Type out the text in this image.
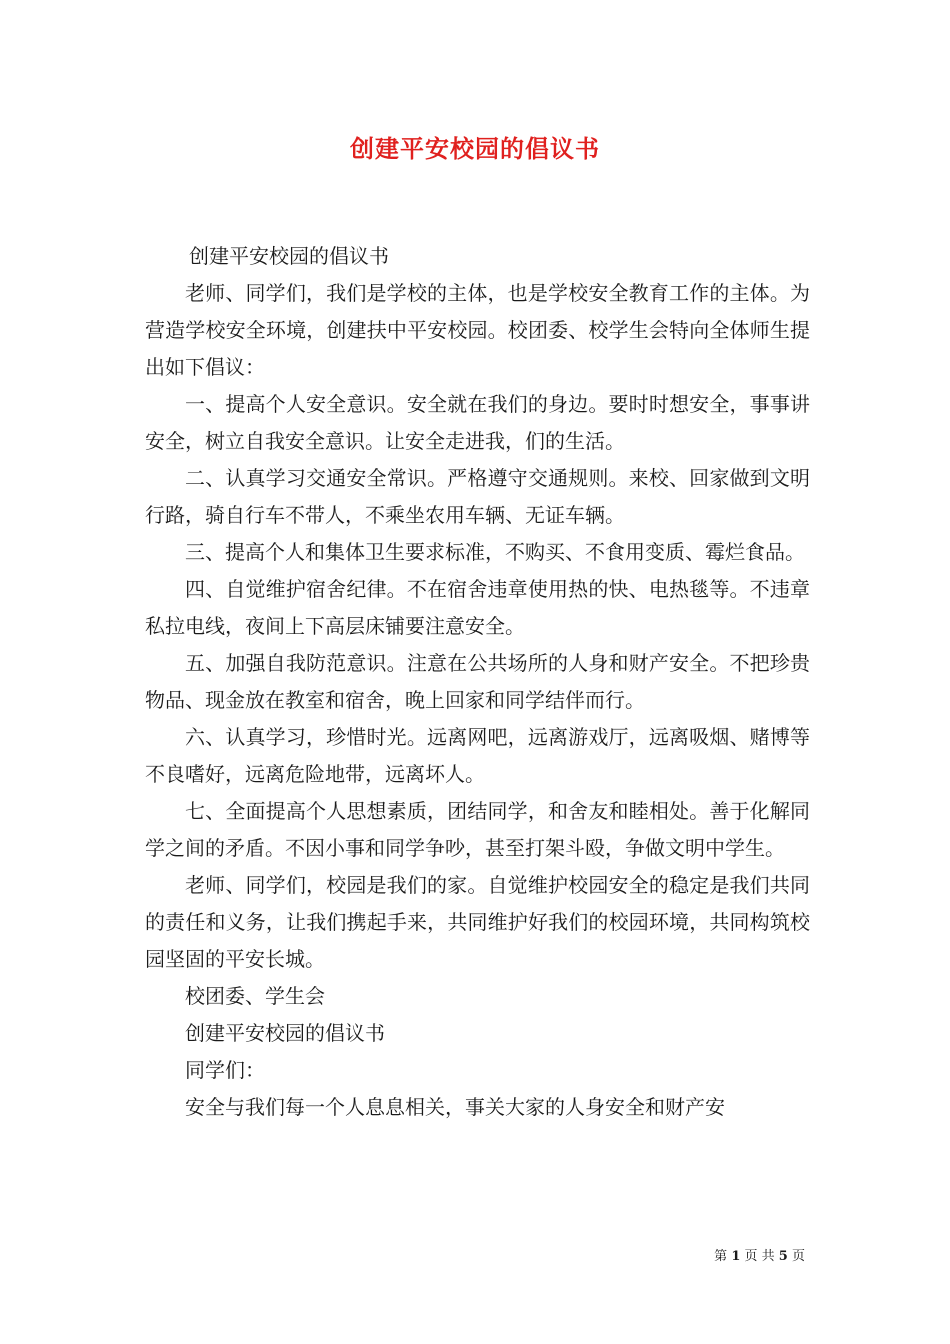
创建平安校园的倡议书

创建平安校园的倡议书

老师、同学们，我们是学校的主体，也是学校安全教育工作的主体。为营造学校安全环境，创建扶中平安校园。校团委、校学生会特向全体师生提出如下倡议：

一、提高个人安全意识。安全就在我们的身边。要时时想安全，事事讲安全，树立自我安全意识。让安全走进我，们的生活。

二、认真学习交通安全常识。严格遵守交通规则。来校、回家做到文明行路，骑自行车不带人，不乘坐农用车辆、无证车辆。

三、提高个人和集体卫生要求标准，不购买、不食用变质、霉烂食品。

四、自觉维护宿舍纪律。不在宿舍违章使用热的快、电热毯等。不违章私拉电线，夜间上下高层床铺要注意安全。

五、加强自我防范意识。注意在公共场所的人身和财产安全。不把珍贵物品、现金放在教室和宿舍，晚上回家和同学结伴而行。

六、认真学习，珍惜时光。远离网吧，远离游戏厅，远离吸烟、赌博等不良嗜好，远离危险地带，远离坏人。

七、全面提高个人思想素质，团结同学，和舍友和睦相处。善于化解同学之间的矛盾。不因小事和同学争吵，甚至打架斗殴，争做文明中学生。

老师、同学们，校园是我们的家。自觉维护校园安全的稳定是我们共同的责任和义务，让我们携起手来，共同维护好我们的校园环境，共同构筑校园坚固的平安长城。

校团委、学生会

创建平安校园的倡议书

同学们：

安全与我们每一个人息息相关，事关大家的人身安全和财产安

第 1 页 共 5 页
